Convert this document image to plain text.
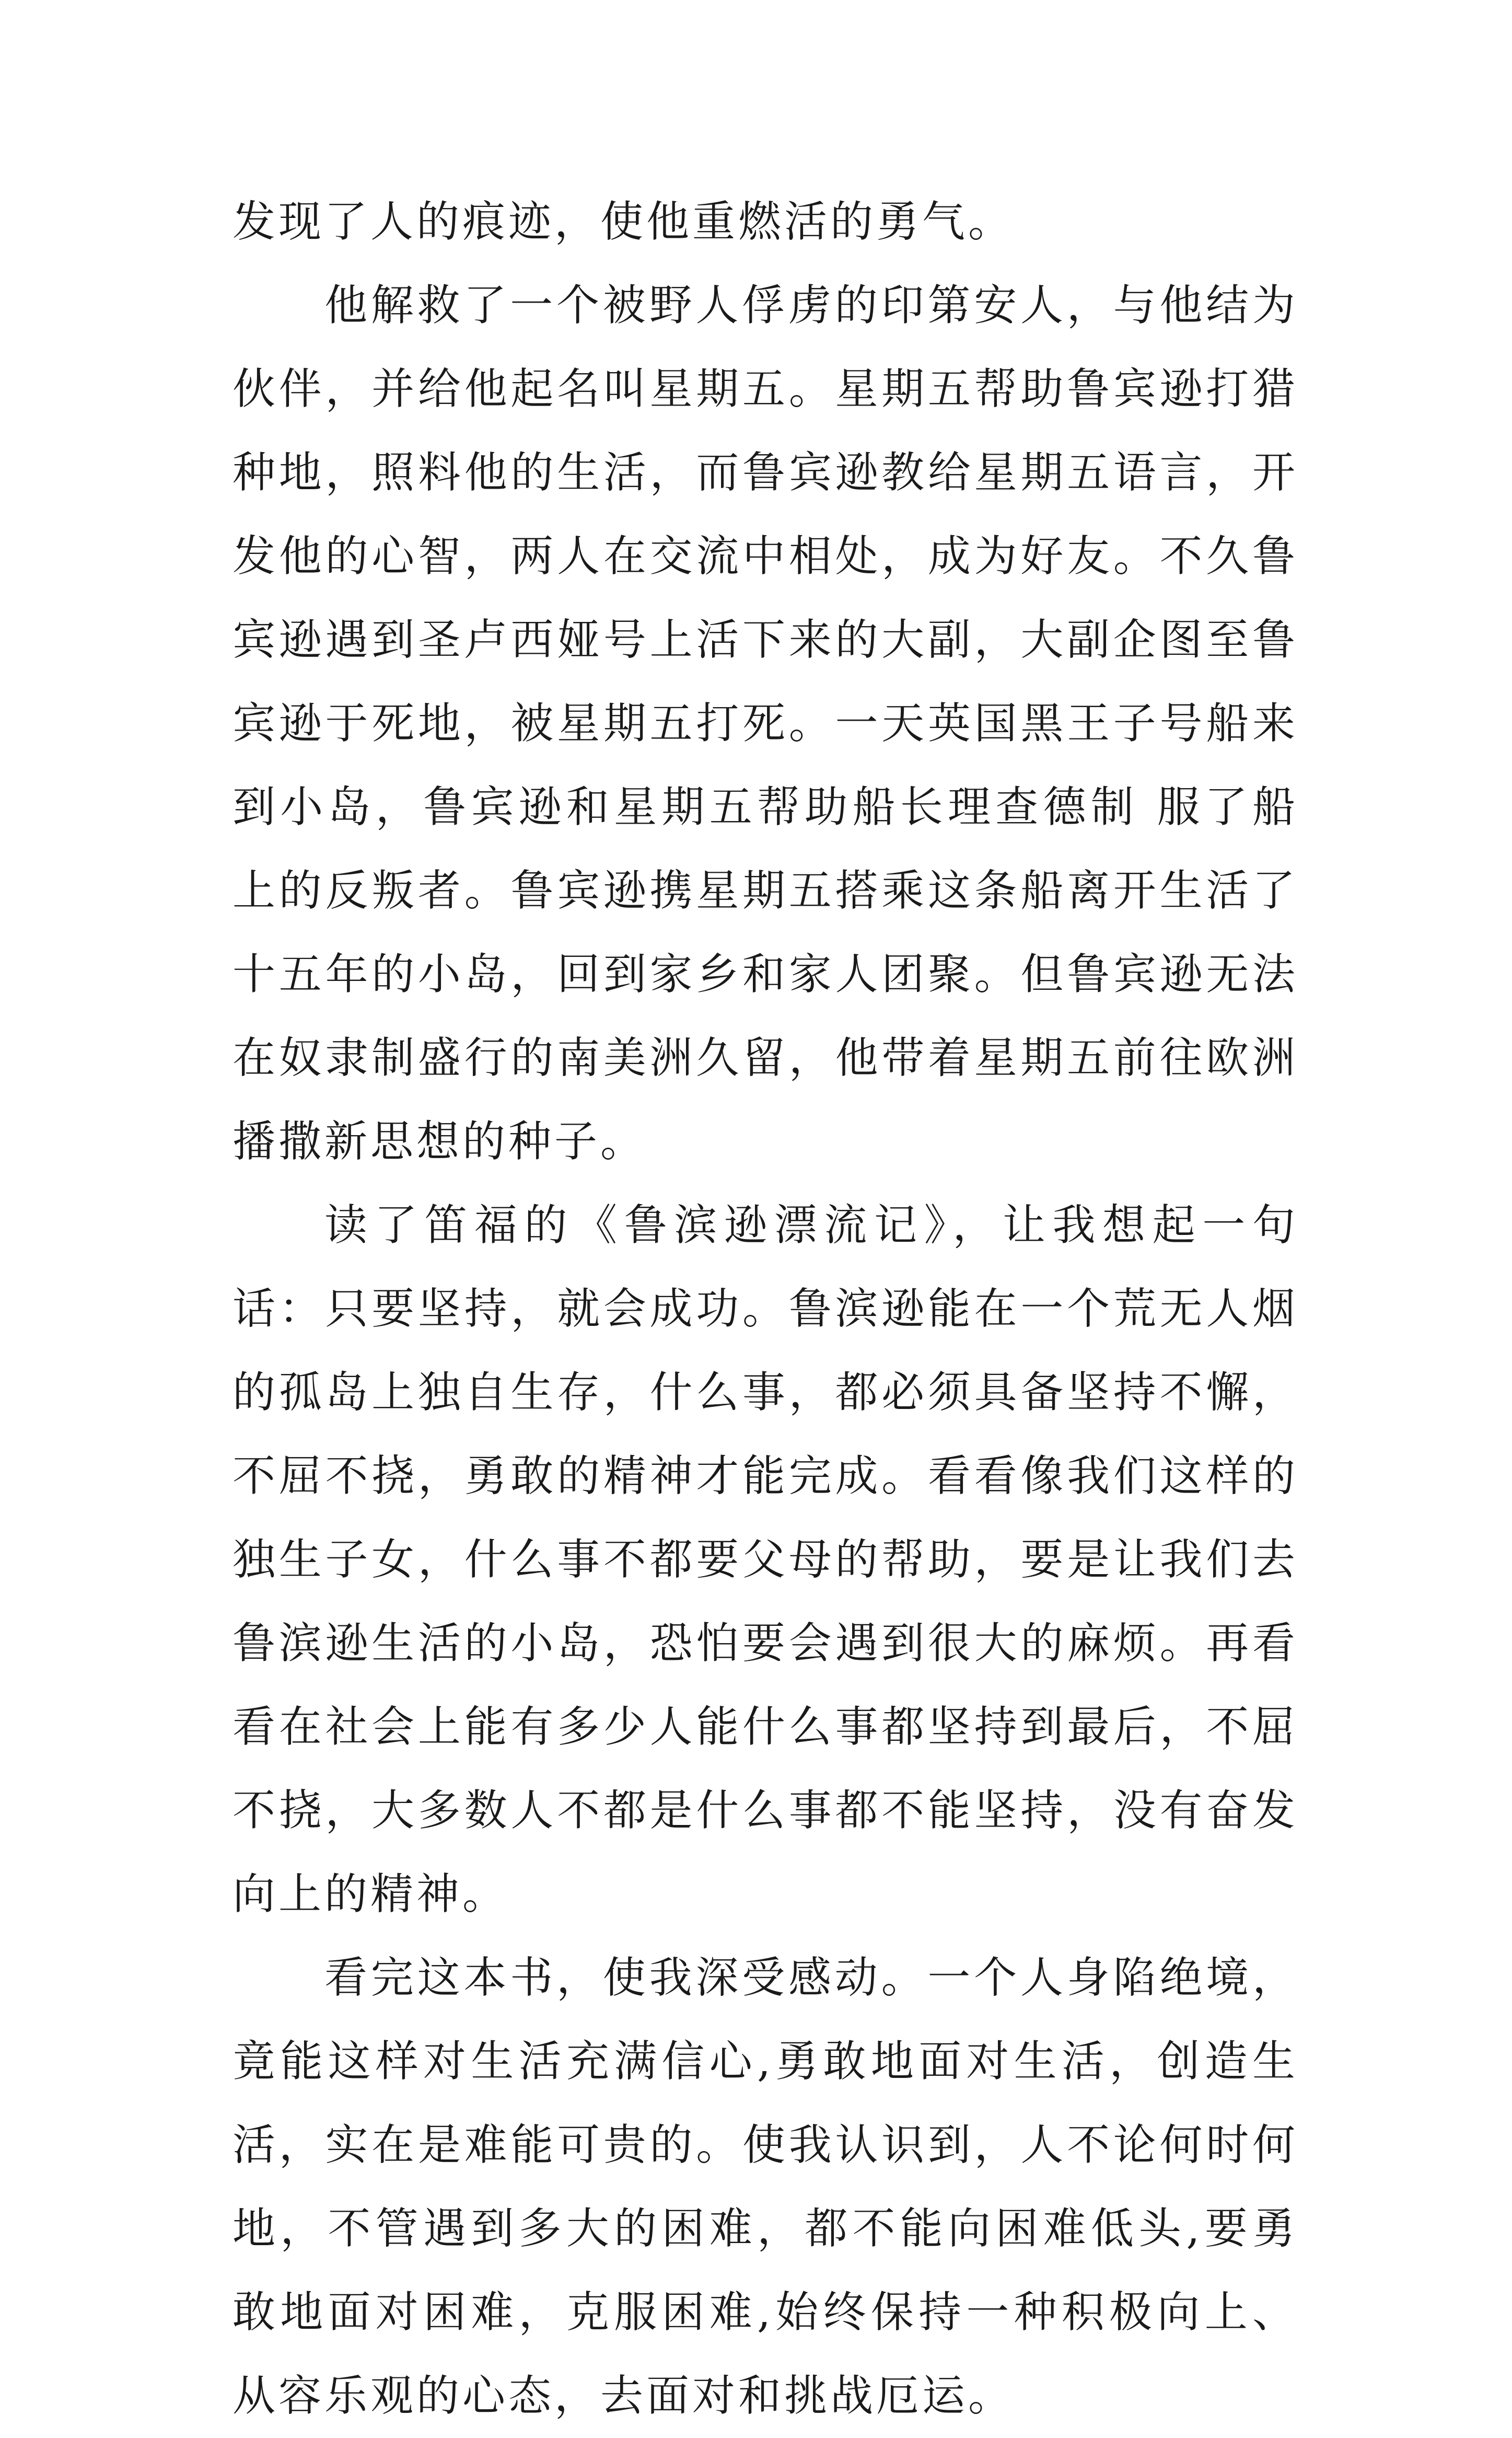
发现了人的痕迹，使他重燃活的勇气。

他解救了一个被野人俘虏的印第安人，与他结为伙伴，并给他起名叫星期五。星期五帮助鲁宾逊打猎种地，照料他的生活，而鲁宾逊教给星期五语言，开发他的心智，两人在交流中相处，成为好友。不久鲁宾逊遇到圣卢西娅号上活下来的大副，大副企图至鲁宾逊于死地，被星期五打死。一天英国黑王子号船来到小岛，鲁宾逊和星期五帮助船长理查德制 服了船上的反叛者。鲁宾逊携星期五搭乘这条船离开生活了十五年的小岛，回到家乡和家人团聚。但鲁宾逊无法在奴隶制盛行的南美洲久留，他带着星期五前往欧洲播撒新思想的种子。

读了笛福的《鲁滨逊漂流记》，让我想起一句话：只要坚持，就会成功。鲁滨逊能在一个荒无人烟的孤岛上独自生存，什么事，都必须具备坚持不懈，不屈不挠，勇敢的精神才能完成。看看像我们这样的独生子女，什么事不都要父母的帮助，要是让我们去鲁滨逊生活的小岛，恐怕要会遇到很大的麻烦。再看看在社会上能有多少人能什么事都坚持到最后，不屈不挠，大多数人不都是什么事都不能坚持，没有奋发向上的精神。

看完这本书，使我深受感动。一个人身陷绝境，竟能这样对生活充满信心,勇敢地面对生活，创造生活，实在是难能可贵的。使我认识到，人不论何时何地，不管遇到多大的困难，都不能向困难低头,要勇敢地面对困难，克服困难,始终保持一种积极向上、从容乐观的心态，去面对和挑战厄运。
